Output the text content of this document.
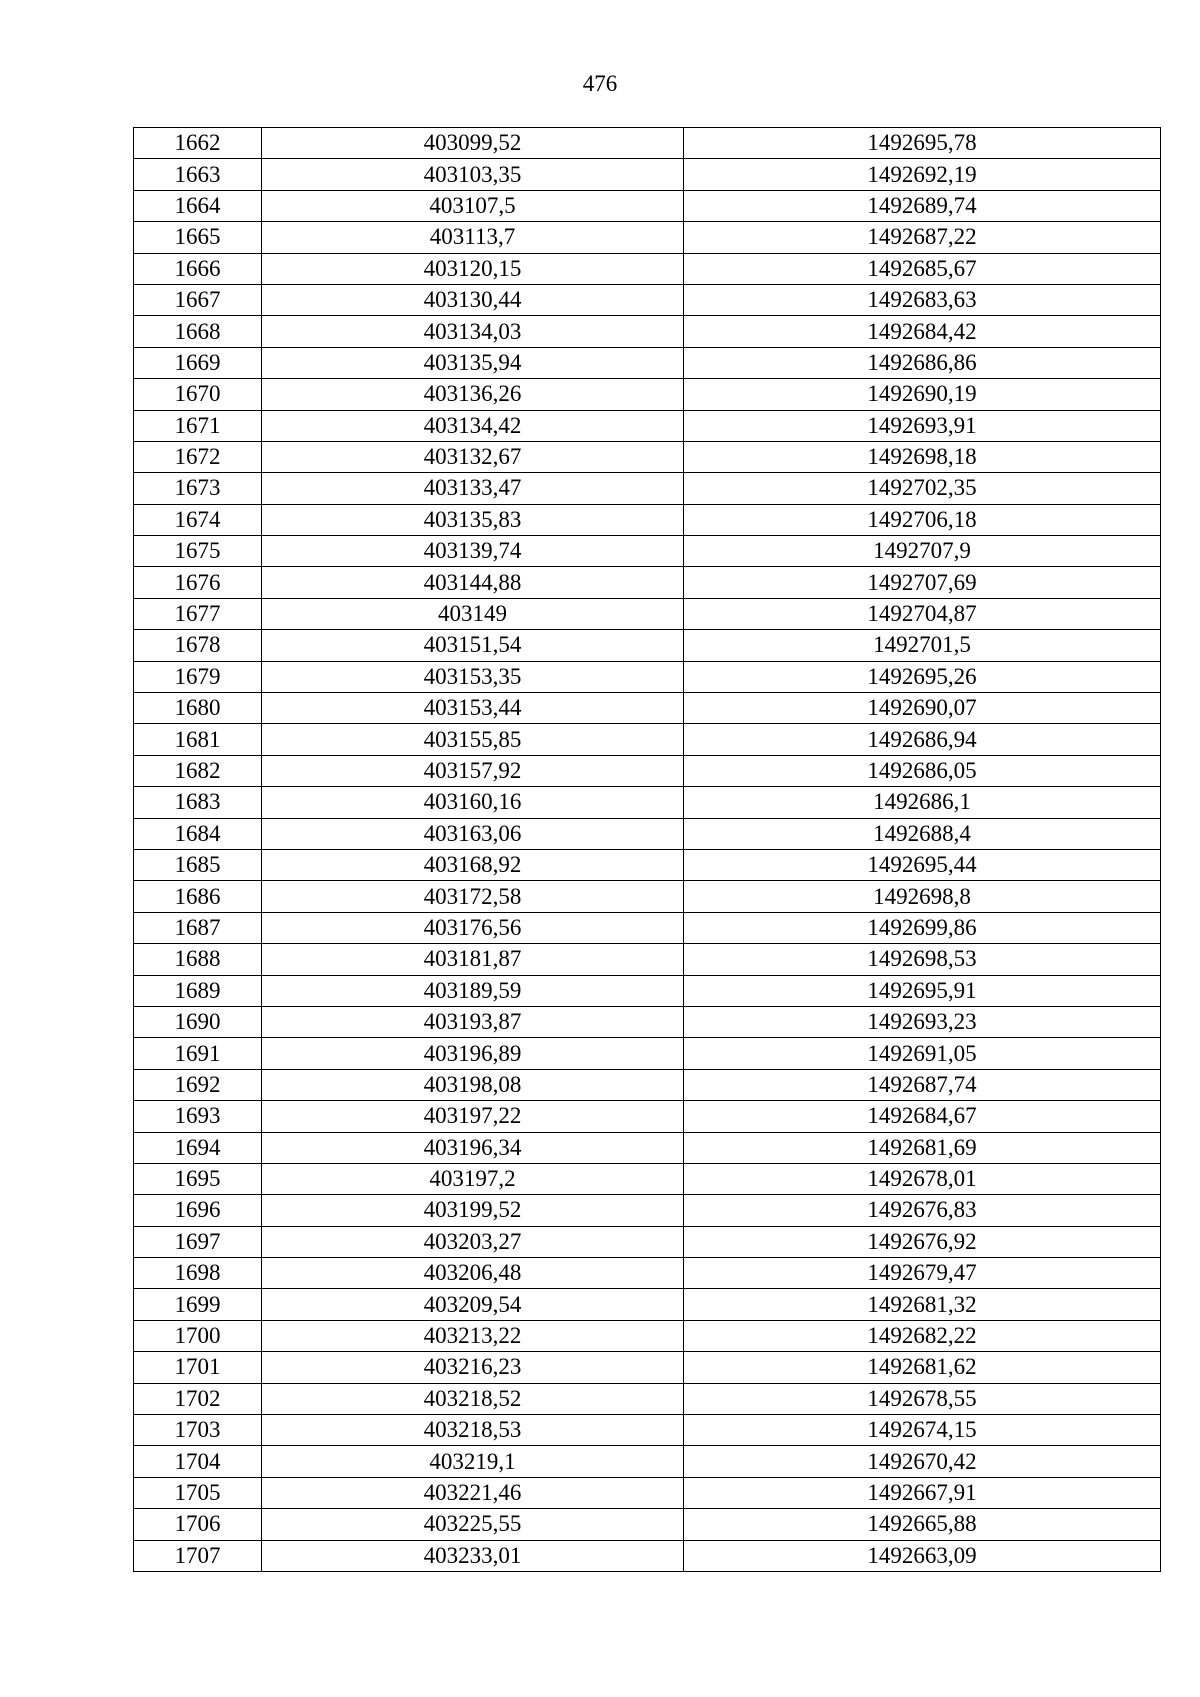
476
1662	403099,52	1492695,78
1663	403103,35	1492692,19
1664	403107,5	1492689,74
1665	403113,7	1492687,22
1666	403120,15	1492685,67
1667	403130,44	1492683,63
1668	403134,03	1492684,42
1669	403135,94	1492686,86
1670	403136,26	1492690,19
1671	403134,42	1492693,91
1672	403132,67	1492698,18
1673	403133,47	1492702,35
1674	403135,83	1492706,18
1675	403139,74	1492707,9
1676	403144,88	1492707,69
1677	403149	1492704,87
1678	403151,54	1492701,5
1679	403153,35	1492695,26
1680	403153,44	1492690,07
1681	403155,85	1492686,94
1682	403157,92	1492686,05
1683	403160,16	1492686,1
1684	403163,06	1492688,4
1685	403168,92	1492695,44
1686	403172,58	1492698,8
1687	403176,56	1492699,86
1688	403181,87	1492698,53
1689	403189,59	1492695,91
1690	403193,87	1492693,23
1691	403196,89	1492691,05
1692	403198,08	1492687,74
1693	403197,22	1492684,67
1694	403196,34	1492681,69
1695	403197,2	1492678,01
1696	403199,52	1492676,83
1697	403203,27	1492676,92
1698	403206,48	1492679,47
1699	403209,54	1492681,32
1700	403213,22	1492682,22
1701	403216,23	1492681,62
1702	403218,52	1492678,55
1703	403218,53	1492674,15
1704	403219,1	1492670,42
1705	403221,46	1492667,91
1706	403225,55	1492665,88
1707	403233,01	1492663,09
